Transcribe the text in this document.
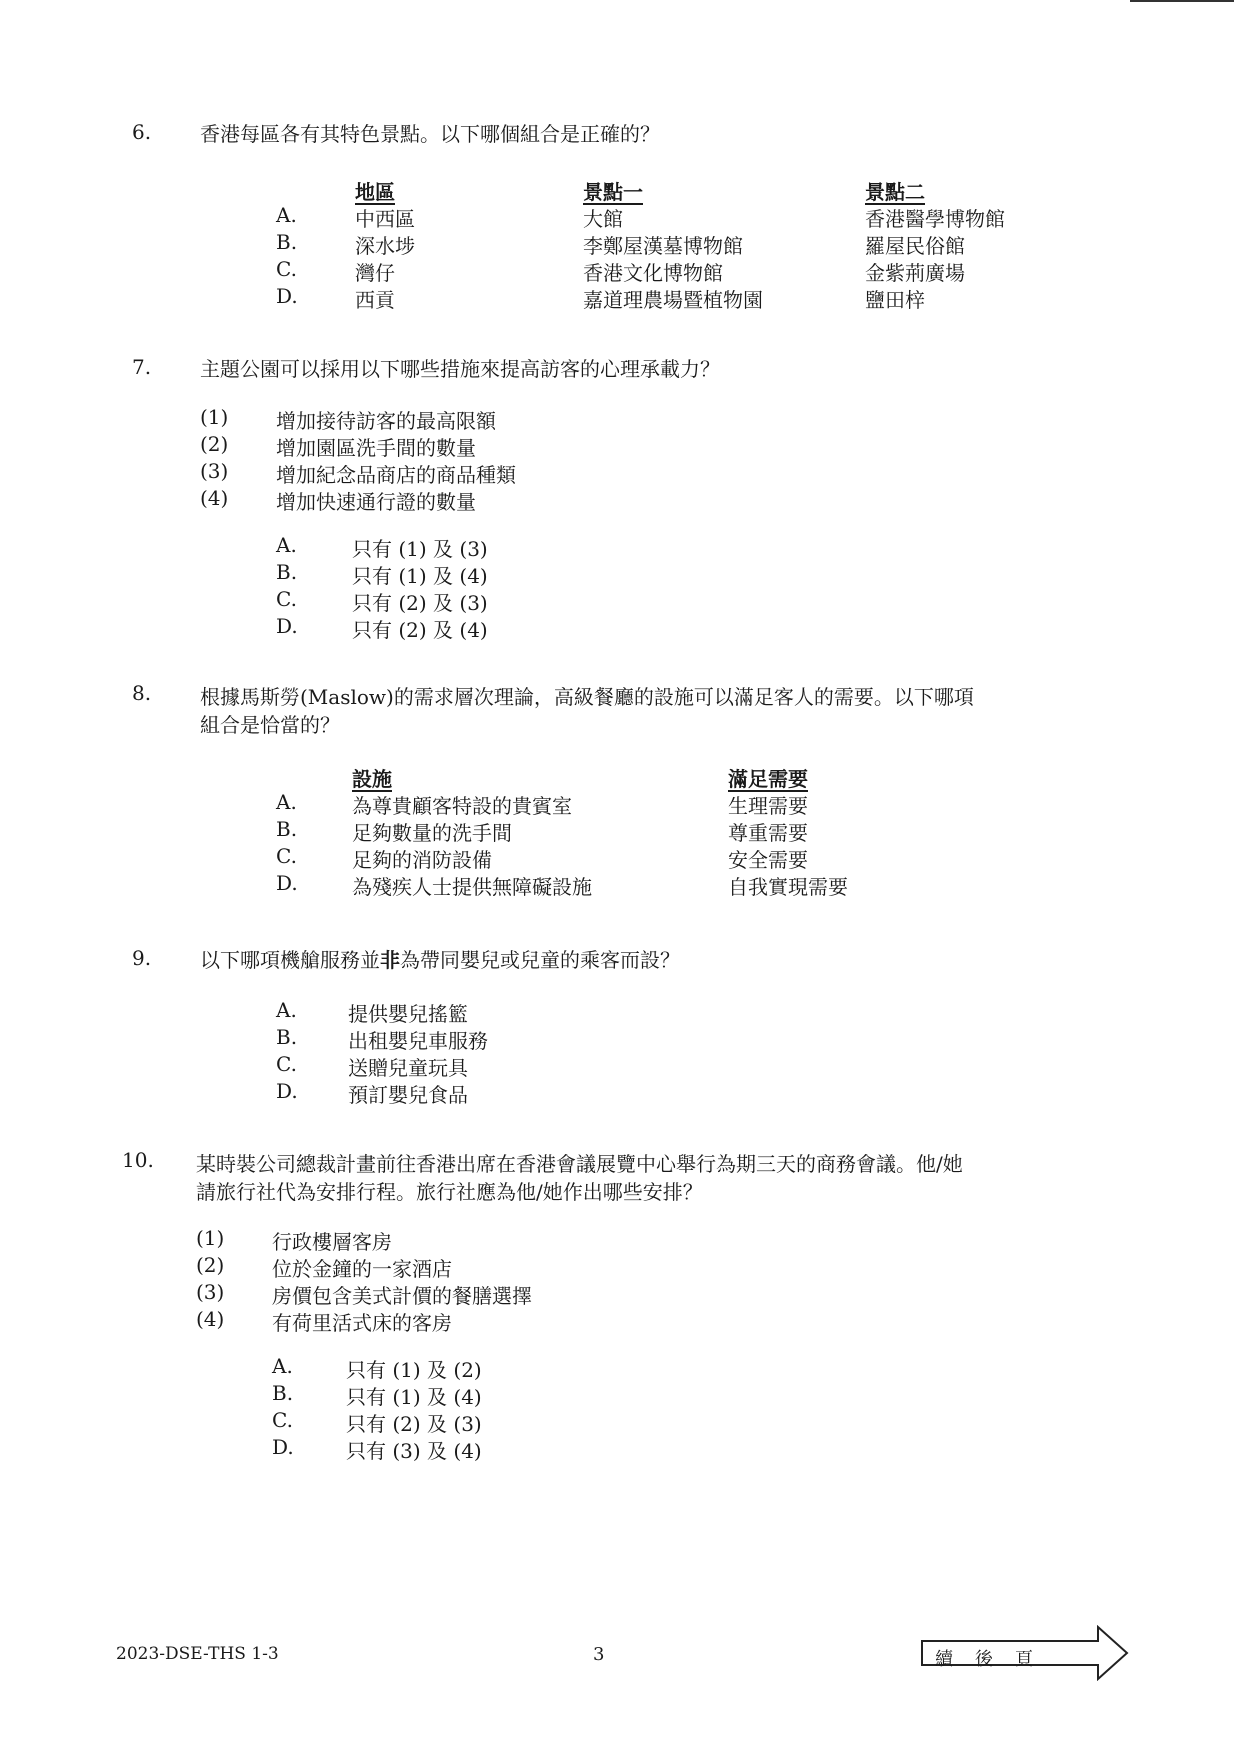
6. 香港每區各有其特色景點。以下哪個組合是正確的？
地區	景點一	景點二
A.	中西區	大館	香港醫學博物館
B.	深水埗	李鄭屋漢墓博物館	羅屋民俗館
C.	灣仔	香港文化博物館	金紫荊廣場
D.	西貢	嘉道理農場暨植物園	鹽田梓
7. 主題公園可以採用以下哪些措施來提高訪客的心理承載力？
(1) 增加接待訪客的最高限額
(2) 增加園區洗手間的數量
(3) 增加紀念品商店的商品種類
(4) 增加快速通行證的數量
A.	只有 (1) 及 (3)
B.	只有 (1) 及 (4)
C.	只有 (2) 及 (3)
D.	只有 (2) 及 (4)
8. 根據馬斯勞(Maslow)的需求層次理論，高級餐廳的設施可以滿足客人的需要。以下哪項
組合是恰當的？
設施	滿足需要
A.	為尊貴顧客特設的貴賓室	生理需要
B.	足夠數量的洗手間	尊重需要
C.	足夠的消防設備	安全需要
D.	為殘疾人士提供無障礙設施	自我實現需要
9. 以下哪項機艙服務並非為帶同嬰兒或兒童的乘客而設？
A.	提供嬰兒搖籃
B.	出租嬰兒車服務
C.	送贈兒童玩具
D.	預訂嬰兒食品
10. 某時裝公司總裁計畫前往香港出席在香港會議展覽中心舉行為期三天的商務會議。他/她
請旅行社代為安排行程。旅行社應為他/她作出哪些安排？
(1) 行政樓層客房
(2) 位於金鐘的一家酒店
(3) 房價包含美式計價的餐膳選擇
(4) 有荷里活式床的客房
A.	只有 (1) 及 (2)
B.	只有 (1) 及 (4)
C.	只有 (2) 及 (3)
D.	只有 (3) 及 (4)
2023-DSE-THS 1-3	3	續後頁
